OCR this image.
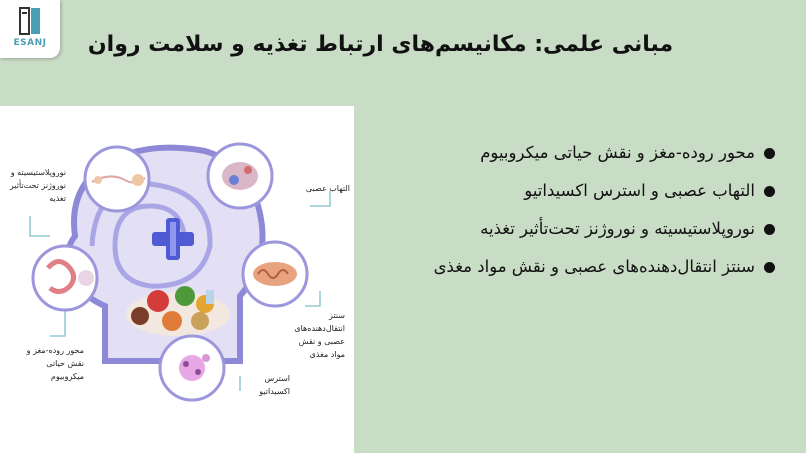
ESANJ	مبانی علمی: مکانیسم‌های ارتباط تغذیه و سلامت روان
نوروپلاستیسیته و نوروژنز تحت‌تأثیر تغذیه
التهاب عصبی
سنتز انتقال‌دهنده‌های عصبی و نقش مواد مغذی
استرس اکسیداتیو
محور روده-مغز و نقش حیاتی میکروبیوم
محور روده-مغز و نقش حیاتی میکروبیوم
التهاب عصبی و استرس اکسیداتیو
نوروپلاستیسیته و نوروژنز تحت‌تأثیر تغذیه
سنتز انتقال‌دهنده‌های عصبی و نقش مواد مغذی
